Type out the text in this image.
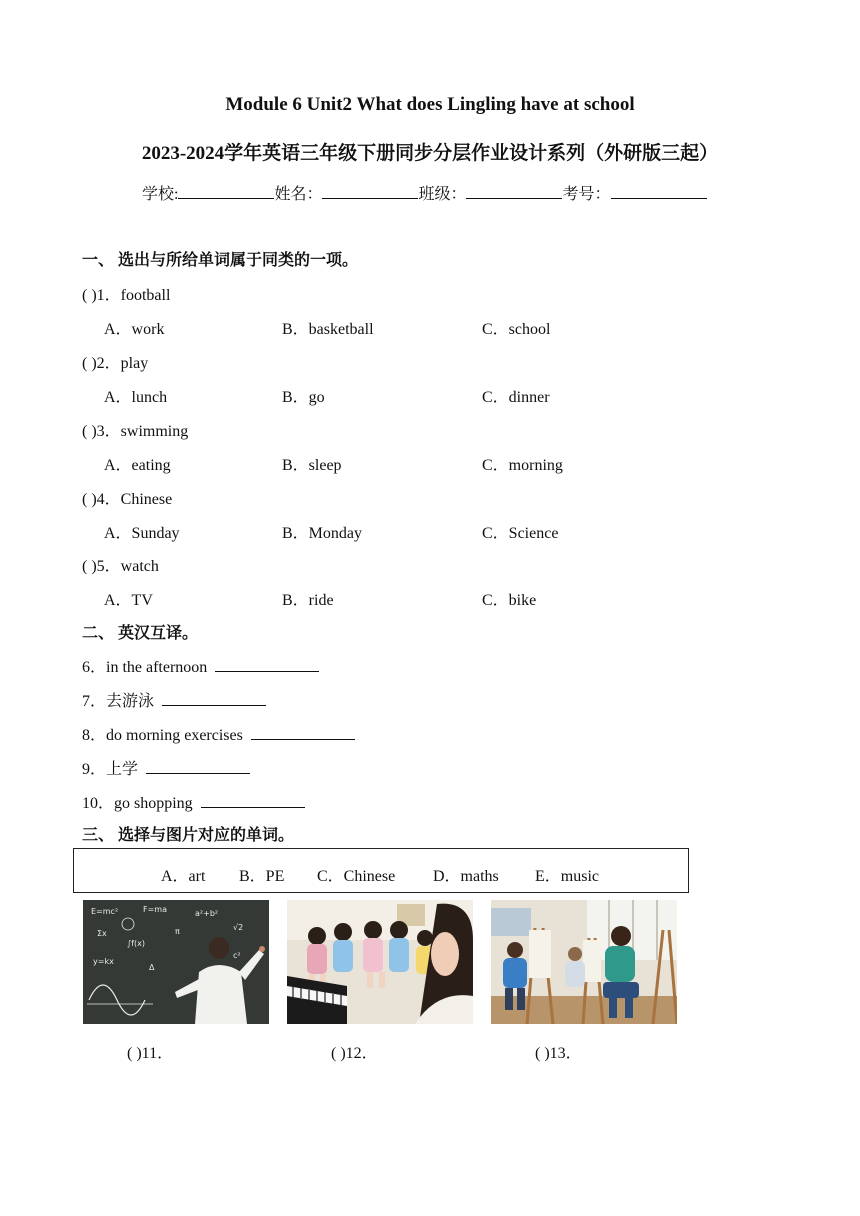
Module 6 Unit2 What does Lingling have at school
2023-2024学年英语三年级下册同步分层作业设计系列（外研版三起）
学校:	姓名：	班级：	考号：
一、 选出与所给单词属于同类的一项。
( )1．football
A．work	B．basketball	C．school
( )2．play
A．lunch	B．go	C．dinner
( )3．swimming
A．eating	B．sleep	C．morning
( )4．Chinese
A．Sunday	B．Monday	C．Science
( )5．watch
A．TV	B．ride	C．bike
二、 英汉互译。
6．in the afternoon
7．去游泳
8．do morning exercises
9．上学
10．go shopping
三、 选择与图片对应的单词。
A．art B．PE C．Chinese D．maths E．music
E=mc²	F=ma	a²+b²
Σx
∫f(x)
π	√2
y=kx
c²
Δ
( )11．	( )12．	( )13．
